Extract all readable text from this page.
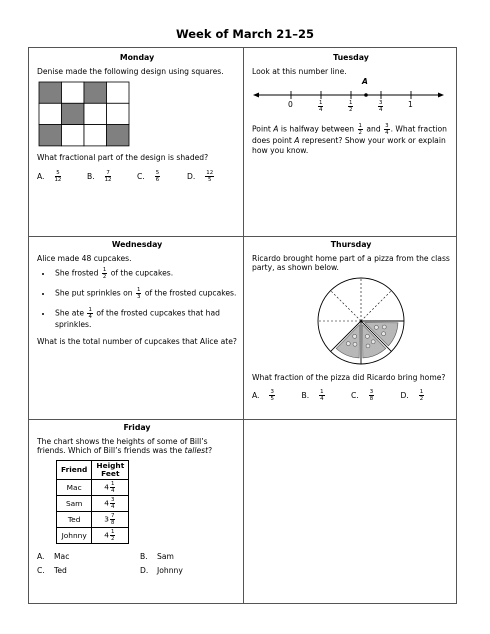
Week of March 21–25
Monday
Denise made the following design using squares.
What fractional part of the design is shaded?
A. $\frac{5}{12}$	B. $\frac{7}{12}$	C. $\frac{5}{6}$	D. $\frac{12}{5}$
Tuesday
Look at this number line.
A
0	$\frac{1}{4}$	$\frac{1}{2}$	$\frac{3}{4}$	1
Point A is halfway between $\frac{1}{2}$ and $\frac{3}{4}$ . What fraction does point A represent? Show your work or explain how you know.
Wednesday
Alice made 48 cupcakes.
• She frosted $\frac{1}{2}$ of the cupcakes.
• She put sprinkles on $\frac{1}{3}$ of the frosted cupcakes.
• She ate $\frac{1}{4}$ of the frosted cupcakes that had sprinkles.
What is the total number of cupcakes that Alice ate?
Thursday
Ricardo brought home part of a pizza from the class party, as shown below.
What fraction of the pizza did Ricardo bring home?
A. $\frac{3}{5}$	B. $\frac{1}{4}$	C. $\frac{3}{8}$	D. $\frac{1}{2}$
Friday
The chart shows the heights of some of Bill’s friends. Which of Bill’s friends was the tallest?
Friend	Height Feet
Mac	$4 \frac{1}{4}$

Sam	$4 \frac{3}{4}$

Ted	$3 \frac{7}{8}$

Johnny	$4 \frac{1}{2}$
A. Mac	B. Sam
C. Ted	D. Johnny
